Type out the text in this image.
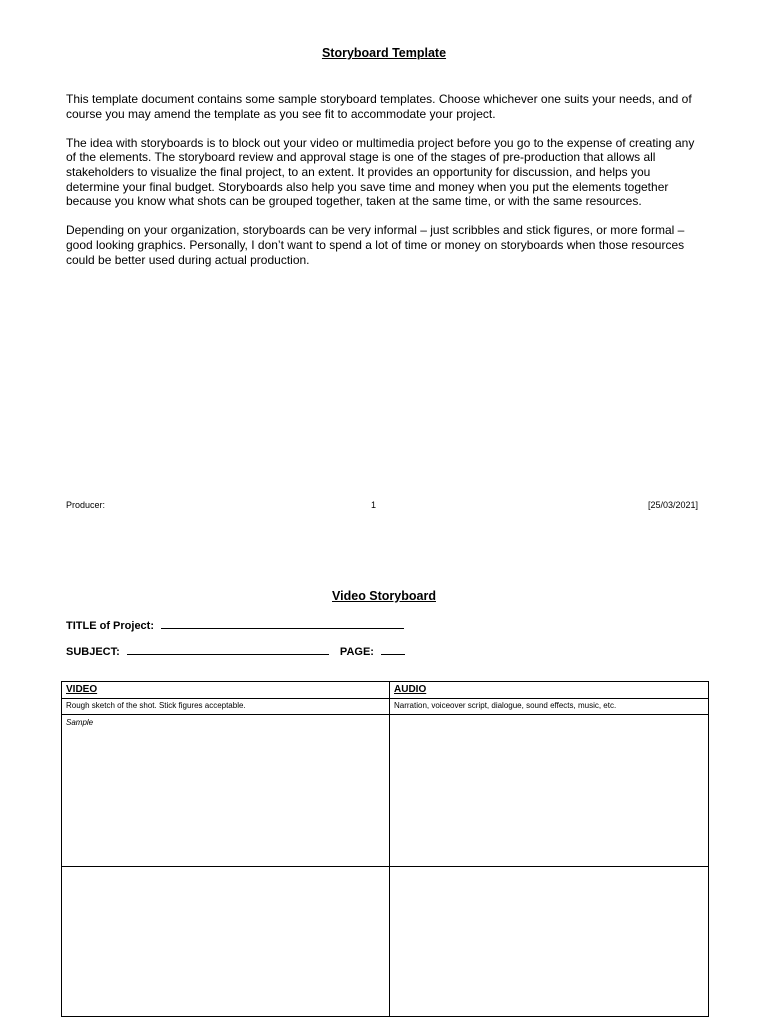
Storyboard Template

This template document contains some sample storyboard templates. Choose whichever one suits your needs, and of course you may amend the template as you see fit to accommodate your project.

The idea with storyboards is to block out your video or multimedia project before you go to the expense of creating any of the elements. The storyboard review and approval stage is one of the stages of pre-production that allows all stakeholders to visualize the final project, to an extent. It provides an opportunity for discussion, and helps you determine your final budget. Storyboards also help you save time and money when you put the elements together because you know what shots can be grouped together, taken at the same time, or with the same resources.

Depending on your organization, storyboards can be very informal – just scribbles and stick figures, or more formal – good looking graphics. Personally, I don’t want to spend a lot of time or money on storyboards when those resources could be better used during actual production.

Producer:	1	[25/03/2021]
Video Storyboard
TITLE of Project:
SUBJECT:	PAGE:
VIDEO	AUDIO
Rough sketch of the shot. Stick figures acceptable.	Narration, voiceover script, dialogue, sound effects, music, etc.
Sample	
